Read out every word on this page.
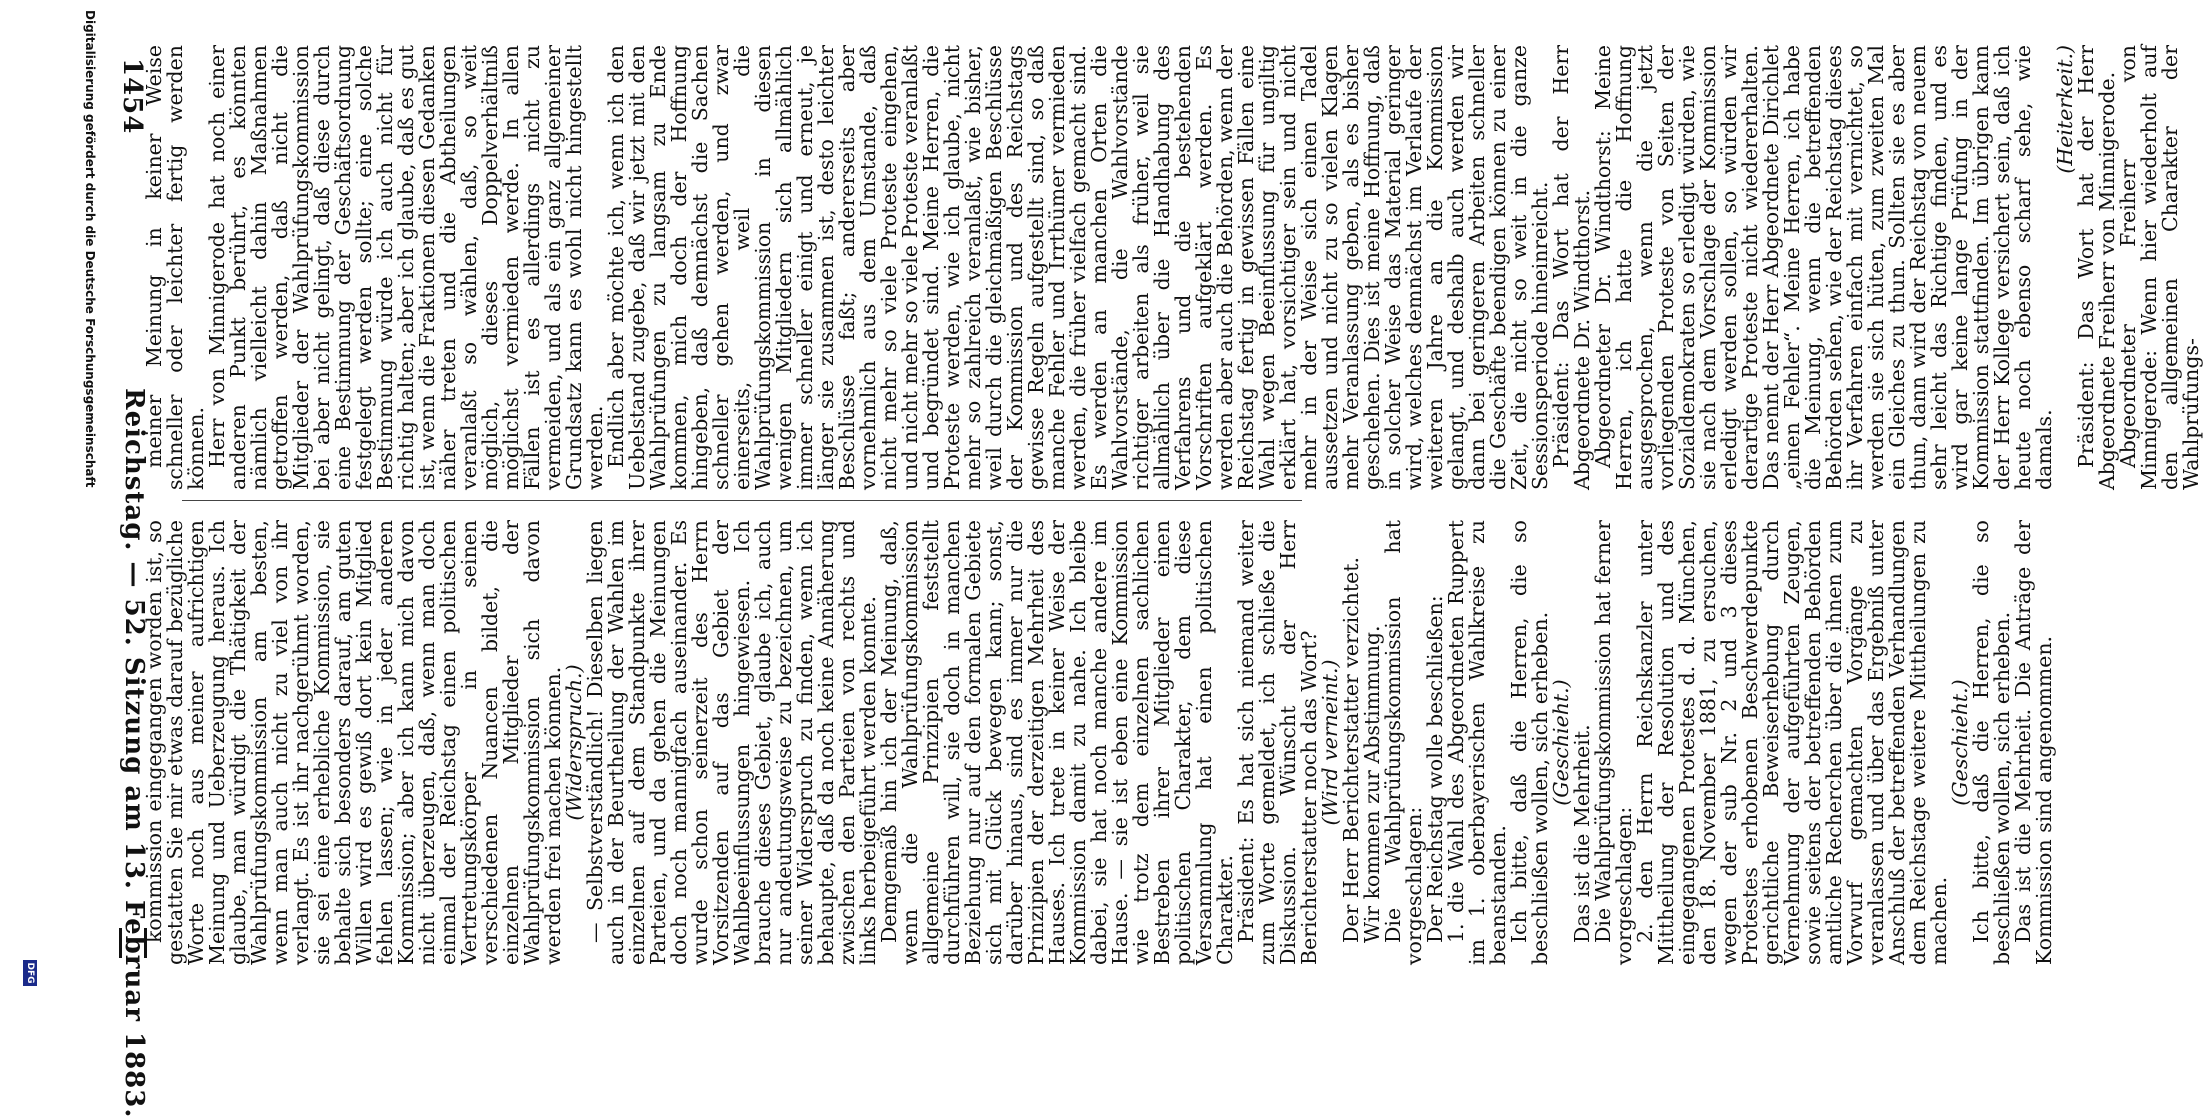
1454
Reichstag. — 52. Sitzung am 13. Februar 1883.

meiner Meinung in keiner Weise schneller oder leichter fertig werden können.

Herr von Minnigerode hat noch einer anderen Punkt berührt, es könnten nämlich vielleicht dahin Maßnahmen getroffen werden, daß nicht die Mitglieder der Wahlprüfungskommission bei aber nicht gelingt, daß diese durch eine Bestimmung der Geschäftsordnung festgelegt werden sollte; eine solche Bestimmung würde ich auch nicht für richtig halten; aber ich glaube, daß es gut ist, wenn die Fraktionen diesen Gedanken näher treten und die Abtheilungen veranlaßt so wählen, daß, so weit möglich, dieses Doppelverhältniß möglichst vermieden werde. In allen Fällen ist es allerdings nicht zu vermeiden, und als ein ganz allgemeiner Grundsatz kann es wohl nicht hingestellt werden.

Endlich aber möchte ich, wenn ich den Uebelstand zugebe, daß wir jetzt mit den Wahlprüfungen zu langsam zu Ende kommen, mich doch der Hoffnung hingeben, daß demnächst die Sachen schneller gehen werden, und zwar einerseits, weil die Wahlprüfungskommission in diesen wenigen Mitgliedern sich allmählich immer schneller einigt und erneut, je länger sie zusammen ist, desto leichter Beschlüsse faßt; andererseits aber vornehmlich aus dem Umstande, daß nicht mehr so viele Proteste eingehen, und nicht mehr so viele Proteste veranlaßt und begründet sind. Meine Herren, die Proteste werden, wie ich glaube, nicht mehr so zahlreich veranlaßt, wie bisher, weil durch die gleichmäßigen Beschlüsse der Kommission und des Reichstags gewisse Regeln aufgestellt sind, so daß manche Fehler und Irrthümer vermieden werden, die früher vielfach gemacht sind. Es werden an manchen Orten die Wahlvorstände, die Wahlvorstände richtiger arbeiten als früher, weil sie allmählich über die Handhabung des Verfahrens und die bestehenden Vorschriften aufgeklärt werden. Es werden aber auch die Behörden, wenn der Reichstag fertig in gewissen Fällen eine Wahl wegen Beeinflussung für ungiltig erklärt hat, vorsichtiger sein und nicht mehr in der Weise sich einen Tadel aussetzen und nicht zu so vielen Klagen mehr Veranlassung geben, als es bisher geschehen. Dies ist meine Hoffnung, daß in solcher Weise das Material geringer wird, welches demnächst im Verlaufe der weiteren Jahre an die Kommission gelangt, und deshalb auch werden wir dann bei geringeren Arbeiten schneller die Geschäfte beendigen können zu einer Zeit, die nicht so weit in die ganze Sessionsperiode hineinreicht.

Präsident: Das Wort hat der Herr Abgeordnete Dr. Windthorst.

Abgeordneter Dr. Windthorst: Meine Herren, ich hatte die Hoffnung ausgesprochen, wenn die jetzt vorliegenden Proteste von Seiten der Sozialdemokraten so erledigt würden, wie sie nach dem Vorschlage der Kommission erledigt werden sollen, so würden wir derartige Proteste nicht wiedererhalten. Das nennt der Herr Abgeordnete Dirichlet „einen Fehler“. Meine Herren, ich habe die Meinung, wenn die betreffenden Behörden sehen, wie der Reichstag dieses ihr Verfahren einfach mit vernichtet, so werden sie sich hüten, zum zweiten Mal ein Gleiches zu thun. Sollten sie es aber thun, dann wird der Reichstag von neuem sehr leicht das Richtige finden, und es wird gar keine lange Prüfung in der Kommission stattfinden. Im übrigen kann der Herr Kollege versichert sein, daß ich heute noch ebenso scharf sehe, wie damals.

(Heiterkeit.)

Präsident: Das Wort hat der Herr Abgeordnete Freiherr von Minnigerode.

Abgeordneter Freiherr von Minnigerode: Wenn hier wiederholt auf den allgemeinen Charakter der Wahlprüfungs-

kommission eingegangen worden ist, so gestatten Sie mir etwas darauf bezügliche Worte noch aus meiner aufrichtigen Meinung und Ueberzeugung heraus. Ich glaube, man würdigt die Thätigkeit der Wahlprüfungskommission am besten, wenn man auch nicht zu viel von ihr verlangt. Es ist ihr nachgerühmt worden, sie sei eine erhebliche Kommission, sie behalte sich besonders darauf, am guten Willen wird es gewiß dort kein Mitglied fehlen lassen; wie in jeder anderen Kommission; aber ich kann mich davon nicht überzeugen, daß, wenn man doch einmal der Reichstag einen politischen Vertretungskörper in seinen verschiedenen Nuancen bildet, die einzelnen Mitglieder der Wahlprüfungskommission sich davon werden frei machen können.

(Widerspruch.)

— Selbstverständlich! Dieselben liegen auch in der Beurtheilung der Wahlen im einzelnen auf dem Standpunkte ihrer Parteien, und da gehen die Meinungen doch noch mannigfach auseinander. Es wurde schon seinerzeit des Herrn Vorsitzenden auf das Gebiet der Wahlbeeinflussungen hingewiesen. Ich brauche dieses Gebiet, glaube ich, auch nur andeutungsweise zu bezeichnen, um seiner Widerspruch zu finden, wenn ich behaupte, daß da noch keine Annäherung zwischen den Parteien von rechts und links herbeigeführt werden konnte.

Demgemäß hin ich der Meinung, daß, wenn die Wahlprüfungskommission allgemeine Prinzipien feststellt durchführen will, sie doch in manchen Beziehung nur auf den formalen Gebiete sich mit Glück bewegen kann; sonst, darüber hinaus, sind es immer nur die Prinzipien der derzeitigen Mehrheit des Hauses. Ich trete in keiner Weise der Kommission damit zu nahe. Ich bleibe dabei, sie hat noch manche andere im Hause. — sie ist eben eine Kommission wie trotz dem einzelnen sachlichen Bestreben ihrer Mitglieder einen politischen Charakter, dem diese Versammlung hat einen politischen Charakter.

Präsident: Es hat sich niemand weiter zum Worte gemeldet, ich schließe die Diskussion. Wünscht der Herr Berichterstatter noch das Wort?

(Wird verneint.)

Der Herr Berichterstatter verzichtet.

Wir kommen zur Abstimmung.

Die Wahlprüfungskommission hat vorgeschlagen:

Der Reichstag wolle beschließen:

1. die Wahl des Abgeordneten Ruppert im 1. oberbayerischen Wahlkreise zu beanstanden.

Ich bitte, daß die Herren, die so beschließen wollen, sich erheben.

(Geschieht.)

Das ist die Mehrheit.

Die Wahlprüfungskommission hat ferner vorgeschlagen:

2. den Herrn Reichskanzler unter Mittheilung der Resolution und des eingegangenen Protestes d. d. München, den 18. November 1881, zu ersuchen, wegen der sub Nr. 2 und 3 dieses Protestes erhobenen Beschwerdepunkte gerichtliche Beweiserhebung durch Vernehmung der aufgeführten Zeugen, sowie seitens der betreffenden Behörden amtliche Recherchen über die ihnen zum Vorwurf gemachten Vorgänge zu veranlassen und über das Ergebniß unter Anschluß der betreffenden Verhandlungen dem Reichstage weitere Mittheilungen zu machen.

(Geschieht.)

Ich bitte, daß die Herren, die so beschließen wollen, sich erheben.

Das ist die Mehrheit. Die Anträge der Kommission sind angenommen.

Digitalisierung gefördert durch die Deutsche Forschungsgemeinschaft
DFG
